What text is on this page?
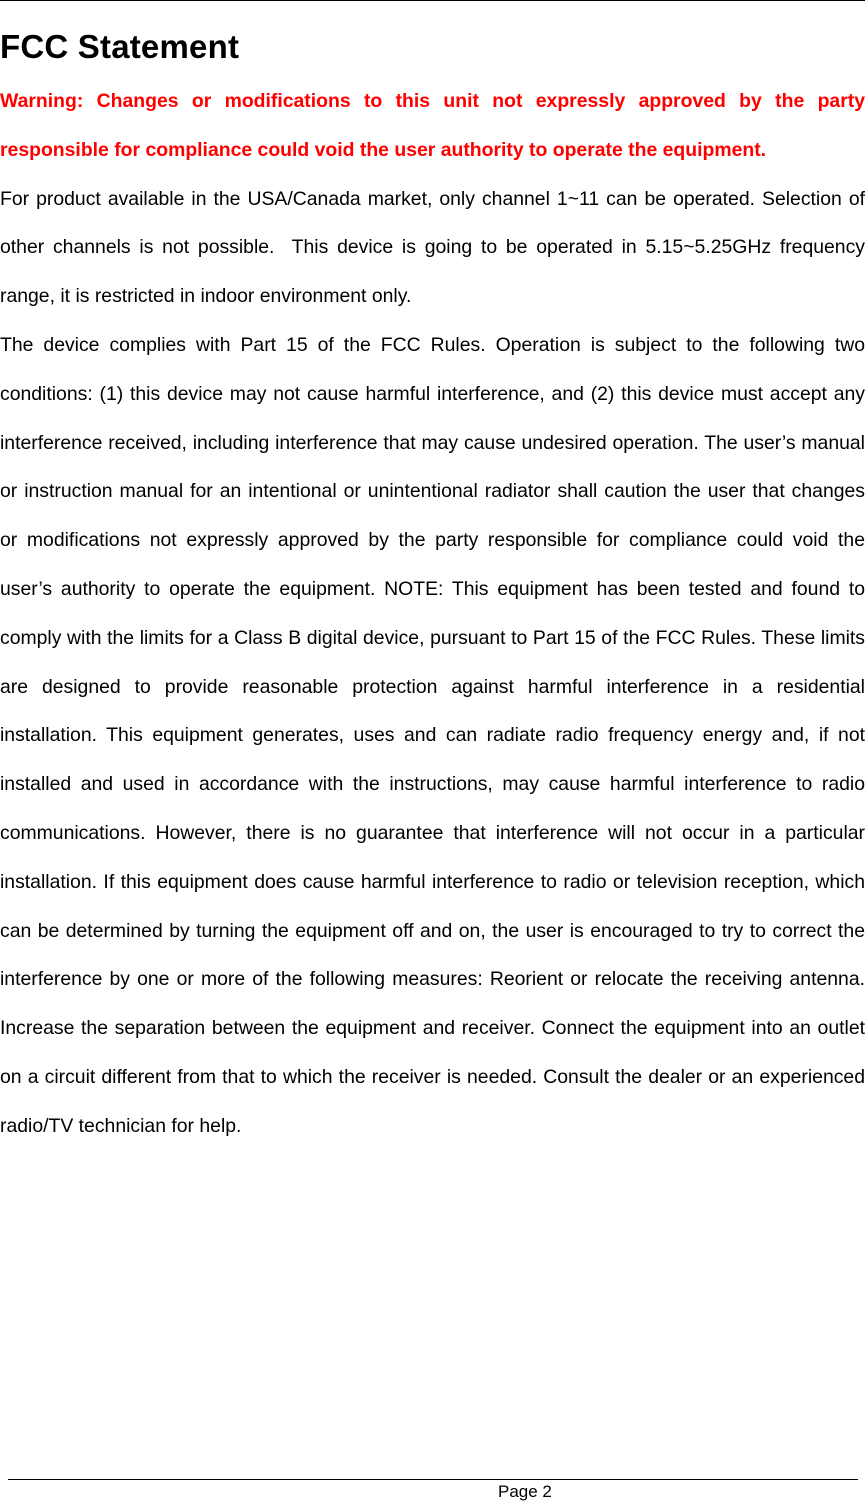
FCC Statement

Warning: Changes or modifications to this unit not expressly approved by the party responsible for compliance could void the user authority to operate the equipment.

For product available in the USA/Canada market, only channel 1~11 can be operated. Selection of other channels is not possible. This device is going to be operated in 5.15~5.25GHz frequency range, it is restricted in indoor environment only.

The device complies with Part 15 of the FCC Rules. Operation is subject to the following two conditions: (1) this device may not cause harmful interference, and (2) this device must accept any interference received, including interference that may cause undesired operation. The user’s manual or instruction manual for an intentional or unintentional radiator shall caution the user that changes or modifications not expressly approved by the party responsible for compliance could void the user’s authority to operate the equipment. NOTE: This equipment has been tested and found to comply with the limits for a Class B digital device, pursuant to Part 15 of the FCC Rules. These limits are designed to provide reasonable protection against harmful interference in a residential installation. This equipment generates, uses and can radiate radio frequency energy and, if not installed and used in accordance with the instructions, may cause harmful interference to radio communications. However, there is no guarantee that interference will not occur in a particular installation. If this equipment does cause harmful interference to radio or television reception, which can be determined by turning the equipment off and on, the user is encouraged to try to correct the interference by one or more of the following measures: Reorient or relocate the receiving antenna. Increase the separation between the equipment and receiver. Connect the equipment into an outlet on a circuit different from that to which the receiver is needed. Consult the dealer or an experienced radio/TV technician for help.

Page 2
